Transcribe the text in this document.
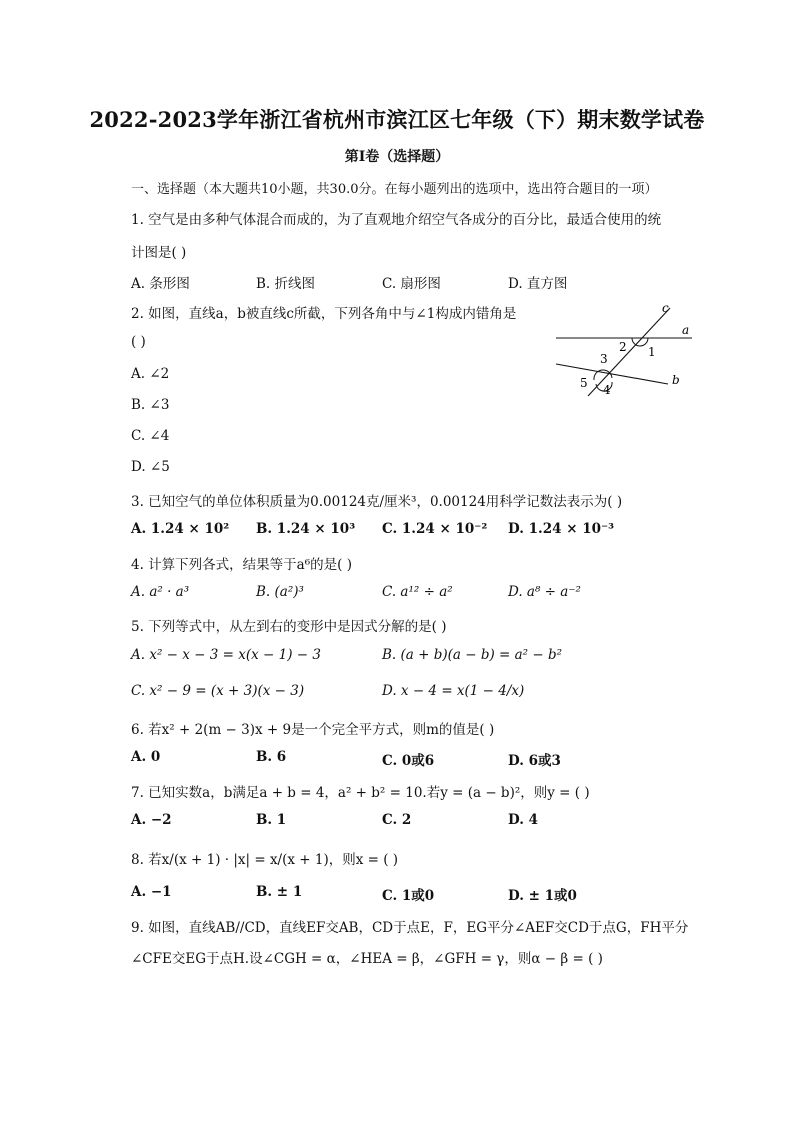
2022-2023学年浙江省杭州市滨江区七年级（下）期末数学试卷
第I卷（选择题）
一、选择题（本大题共10小题，共30.0分。在每小题列出的选项中，选出符合题目的一项）
1. 空气是由多种气体混合而成的，为了直观地介绍空气各成分的百分比，最适合使用的统
计图是( )
A. 条形图	B. 折线图	C. 扇形图	D. 直方图
2. 如图，直线a，b被直线c所截，下列各角中与∠1构成内错角是
( )
A. ∠2
B. ∠3
C. ∠4
D. ∠5
c
a
b
1
2
3
4
5
3. 已知空气的单位体积质量为0.00124克/厘米³，0.00124用科学记数法表示为( )
A. 1.24 × 10² B. 1.24 × 10³ C. 1.24 × 10⁻² D. 1.24 × 10⁻³
4. 计算下列各式，结果等于a⁶的是( )
A. a² · a³	B. (a²)³	C. a¹² ÷ a²	D. a⁸ ÷ a⁻²
5. 下列等式中，从左到右的变形中是因式分解的是( )
A. x² − x − 3 = x(x − 1) − 3	B. (a + b)(a − b) = a² − b²
C. x² − 9 = (x + 3)(x − 3)	D. x − 4 = x(1 − 4/x)
6. 若x² + 2(m − 3)x + 9是一个完全平方式，则m的值是( )
A. 0	B. 6	C. 0或6	D. 6或3
7. 已知实数a，b满足a + b = 4，a² + b² = 10.若y = (a − b)²，则y = ( )
A. −2	B. 1	C. 2	D. 4
8. 若x/(x + 1) · |x| = x/(x + 1)，则x = ( )
A. −1	B. ± 1	C. 1或0	D. ± 1或0
9. 如图，直线AB//CD，直线EF交AB，CD于点E，F，EG平分∠AEF交CD于点G，FH平分
∠CFE交EG于点H.设∠CGH = α，∠HEA = β，∠GFH = γ，则α − β = ( )
